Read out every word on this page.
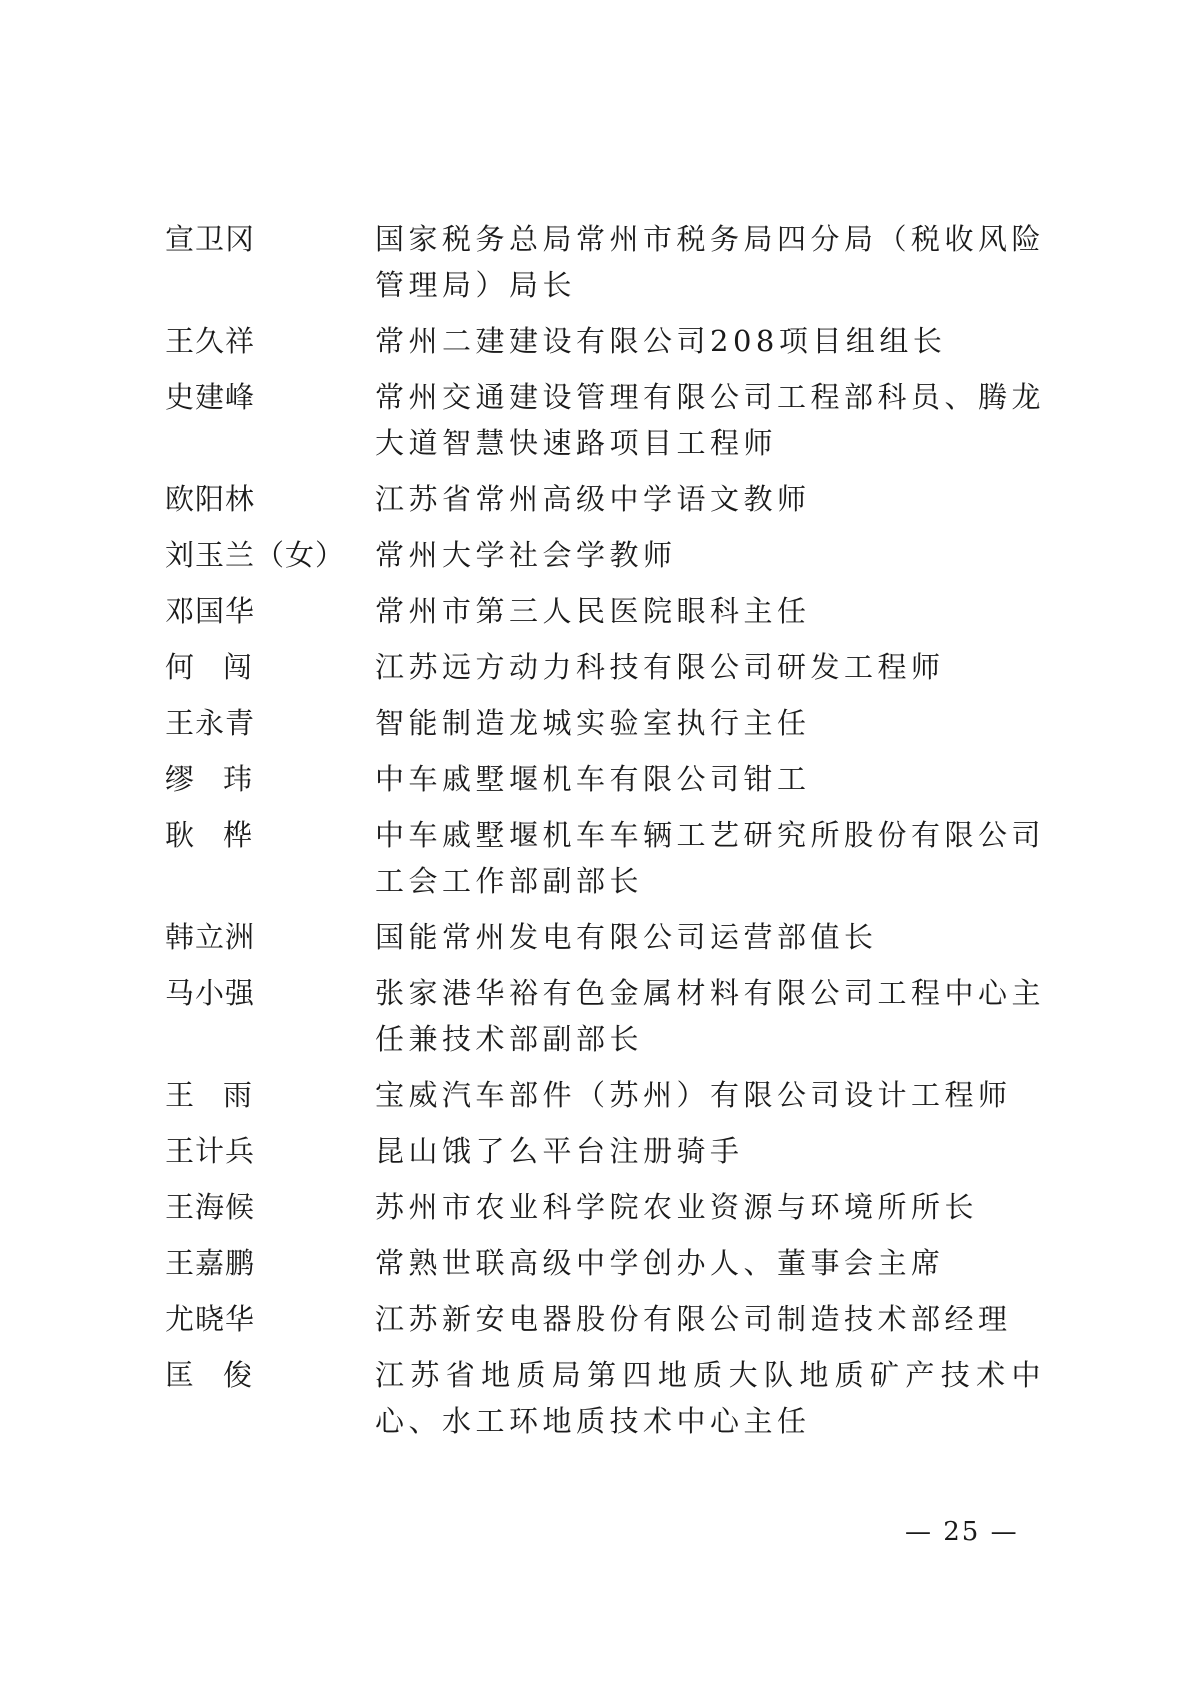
宣卫冈	国家税务总局常州市税务局四分局（税收风险管理局）局长
王久祥	常州二建建设有限公司208项目组组长
史建峰	常州交通建设管理有限公司工程部科员、腾龙大道智慧快速路项目工程师
欧阳林	江苏省常州高级中学语文教师
刘玉兰（女）	常州大学社会学教师
邓国华	常州市第三人民医院眼科主任
何　闯	江苏远方动力科技有限公司研发工程师
王永青	智能制造龙城实验室执行主任
缪　玮	中车戚墅堰机车有限公司钳工
耿　桦	中车戚墅堰机车车辆工艺研究所股份有限公司工会工作部副部长
韩立洲	国能常州发电有限公司运营部值长
马小强	张家港华裕有色金属材料有限公司工程中心主任兼技术部副部长
王　雨	宝威汽车部件（苏州）有限公司设计工程师
王计兵	昆山饿了么平台注册骑手
王海候	苏州市农业科学院农业资源与环境所所长
王嘉鹏	常熟世联高级中学创办人、董事会主席
尤晓华	江苏新安电器股份有限公司制造技术部经理
匡　俊	江苏省地质局第四地质大队地质矿产技术中心、水工环地质技术中心主任
— 25 —
